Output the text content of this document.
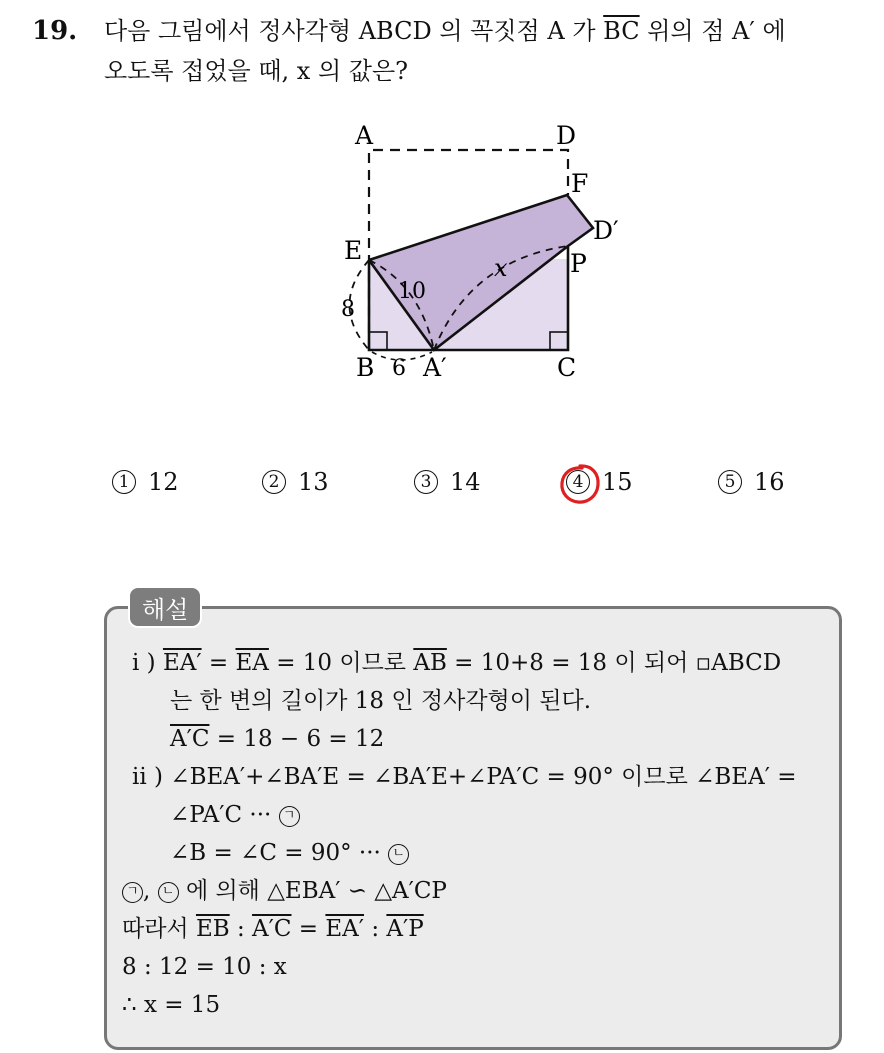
19. 다음 그림에서 정사각형 ABCD 의 꼭짓점 A 가 $\overline{BC}$ 위의 점 A′ 에
오도록 접었을 때, x 의 값은?
A	D
F
D′
E	P
B A′	C
x
10
8
6
1 12	2 13	3 14	4 15	5 16
해설
i ) $EA' = \overline{EA} = 10$ 이므로 $\overline{AB} = 10+8 = 18$ 이 되어 ▫ABCD
는 한 변의 길이가 18 인 정사각형이 된다.
A′C = 18 − 6 = 12
ii ) ∠BEA′+∠BA′E = ∠BA′E+∠PA′C = 90° 이므로 ∠BEA′ =
∠PA′C ··· ㄱ
∠B = ∠C = 90° ··· ㄴ
ㄱ , ㄴ 에 의해 △EBA′ ∽ △A′CP
따라서 $\overline{EB}$ : A′C = EA′ : A′P
8 : 12 = 10 : x
∴ x = 15
